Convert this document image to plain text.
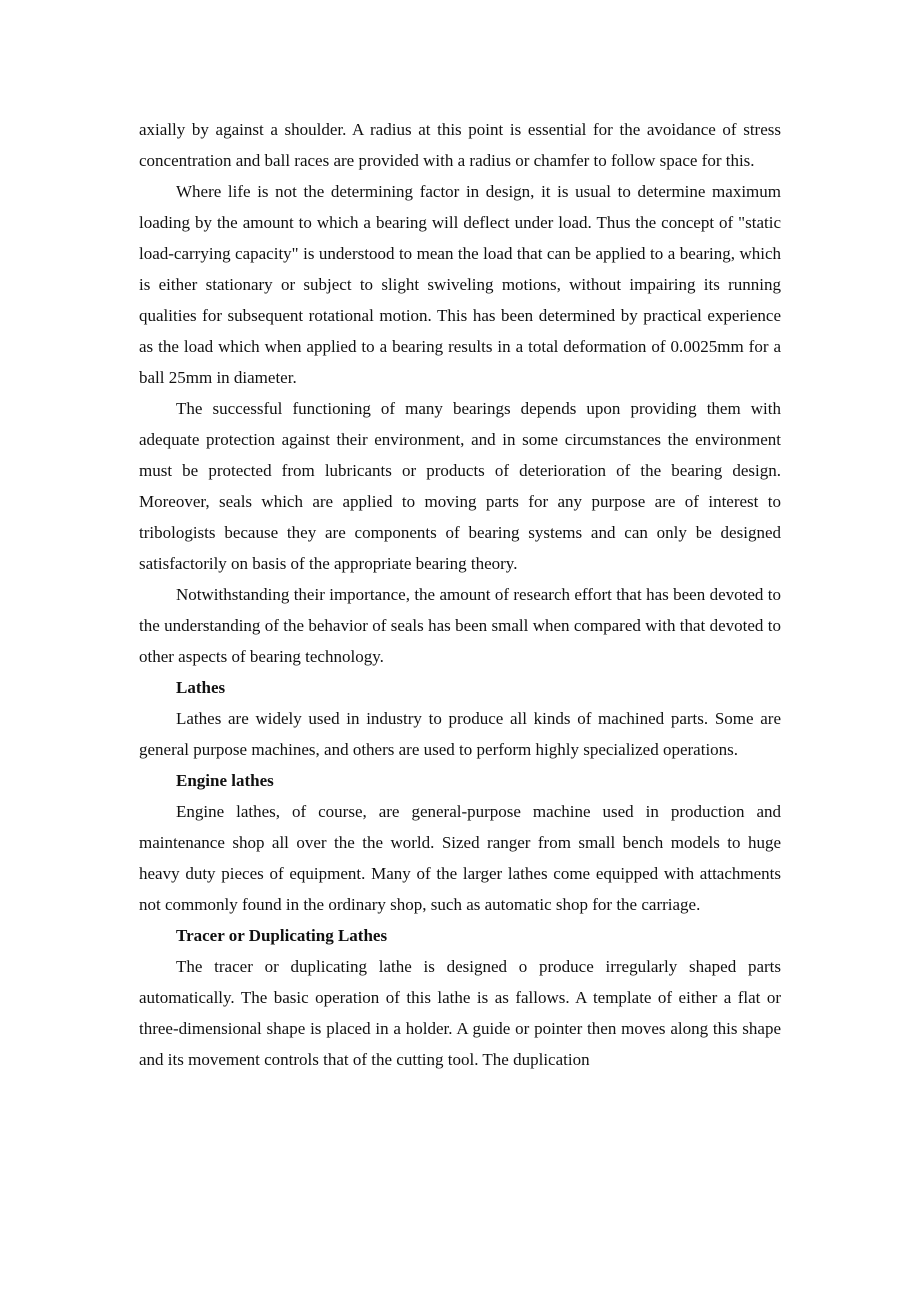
axially by against a shoulder. A radius at this point is essential for the avoidance of stress concentration and ball races are provided with a radius or chamfer to follow space for this.

Where life is not the determining factor in design, it is usual to determine maximum loading by the amount to which a bearing will deflect under load. Thus the concept of "static load-carrying capacity" is understood to mean the load that can be applied to a bearing, which is either stationary or subject to slight swiveling motions, without impairing its running qualities for subsequent rotational motion. This has been determined by practical experience as the load which when applied to a bearing results in a total deformation of 0.0025mm for a ball 25mm in diameter.

The successful functioning of many bearings depends upon providing them with adequate protection against their environment, and in some circumstances the environment must be protected from lubricants or products of deterioration of the bearing design. Moreover, seals which are applied to moving parts for any purpose are of interest to tribologists because they are components of bearing systems and can only be designed satisfactorily on basis of the appropriate bearing theory.

Notwithstanding their importance, the amount of research effort that has been devoted to the understanding of the behavior of seals has been small when compared with that devoted to other aspects of bearing technology.

Lathes

Lathes are widely used in industry to produce all kinds of machined parts. Some are general purpose machines, and others are used to perform highly specialized operations.

Engine lathes

Engine lathes, of course, are general-purpose machine used in production and maintenance shop all over the the world. Sized ranger from small bench models to huge heavy duty pieces of equipment. Many of the larger lathes come equipped with attachments not commonly found in the ordinary shop, such as automatic shop for the carriage.

Tracer or Duplicating Lathes

The tracer or duplicating lathe is designed o produce irregularly shaped parts automatically. The basic operation of this lathe is as fallows. A template of either a flat or three-dimensional shape is placed in a holder. A guide or pointer then moves along this shape and its movement controls that of the cutting tool. The duplication
